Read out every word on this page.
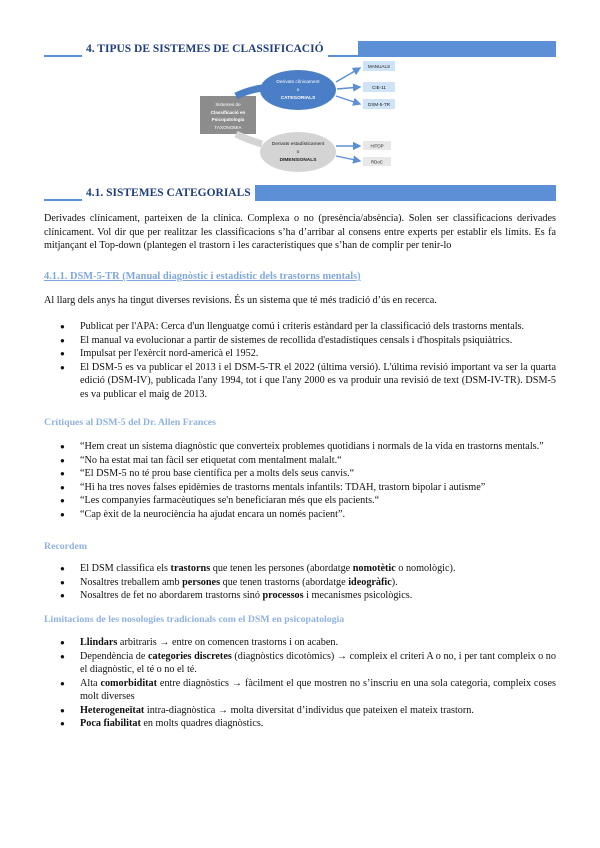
4. TIPUS DE SISTEMES DE CLASSIFICACIÓ
Sistemes de
Classificació en
Psicopatologia
TAXONOMIA
Derivats clínicament
o
CATEGORIALS
Derivats estadísticament
o
DIMENSIONALS
MANUALS
CIE-11
DSM-5-TR
HiTOP
RDoC
4.1. SISTEMES CATEGORIALS
Derivades clínicament, parteixen de la clínica. Complexa o no (presència/absència). Solen ser classificacions derivades clínicament. Vol dir que per realitzar les classificacions s’ha d’arribar al consens entre experts per establir els límits. Es fa mitjançant el Top-down (plantegen el trastorn i les característiques que s’han de complir per tenir-lo
4.1.1. DSM-5-TR (Manual diagnòstic i estadístic dels trastorns mentals)
Al llarg dels anys ha tingut diverses revisions. És un sistema que té més tradició d’ús en recerca.
● Publicat per l'APA: Cerca d'un llenguatge comú i criteris estàndard per la classificació dels trastorns mentals.
● El manual va evolucionar a partir de sistemes de recollida d'estadístiques censals i d'hospitals psiquiàtrics.
● Impulsat per l'exèrcit nord-americà el 1952.
● El DSM-5 es va publicar el 2013 i el DSM-5-TR el 2022 (última versió). L'última revisió important va ser la quarta edició (DSM-IV), publicada l'any 1994, tot i que l'any 2000 es va produir una revisió de text (DSM-IV-TR). DSM-5 es va publicar el maig de 2013.
Crítiques al DSM-5 del Dr. Allen Frances
● “Hem creat un sistema diagnòstic que converteix problemes quotidians i normals de la vida en trastorns mentals.”
● “No ha estat mai tan fàcil ser etiquetat com mentalment malalt.“
● “El DSM-5 no té prou base científica per a molts dels seus canvis.“
● “Hi ha tres noves falses epidèmies de trastorns mentals infantils: TDAH, trastorn bipolar i autisme”
● “Les companyies farmacèutiques se'n beneficiaran més que els pacients.“
● “Cap èxit de la neurociència ha ajudat encara un només pacient”.
Recordem
● El DSM classifica els trastorns que tenen les persones (abordatge nomotètic o nomològic).
● Nosaltres treballem amb persones que tenen trastorns (abordatge ideogràfic).
● Nosaltres de fet no abordarem trastorns sinó processos i mecanismes psicològics.
Limitacions de les nosologies tradicionals com el DSM en psicopatologia
● Llindars arbitraris → entre on comencen trastorns i on acaben.
● Dependència de categories discretes (diagnòstics dicotòmics) → compleix el criteri A o no, i per tant compleix o no el diagnòstic, el té o no el té.
● Alta comorbiditat entre diagnòstics → fàcilment el que mostren no s’inscriu en una sola categoria, compleix coses molt diverses
● Heterogeneïtat intra-diagnòstica → molta diversitat d’individus que pateixen el mateix trastorn.
● Poca fiabilitat en molts quadres diagnòstics.
